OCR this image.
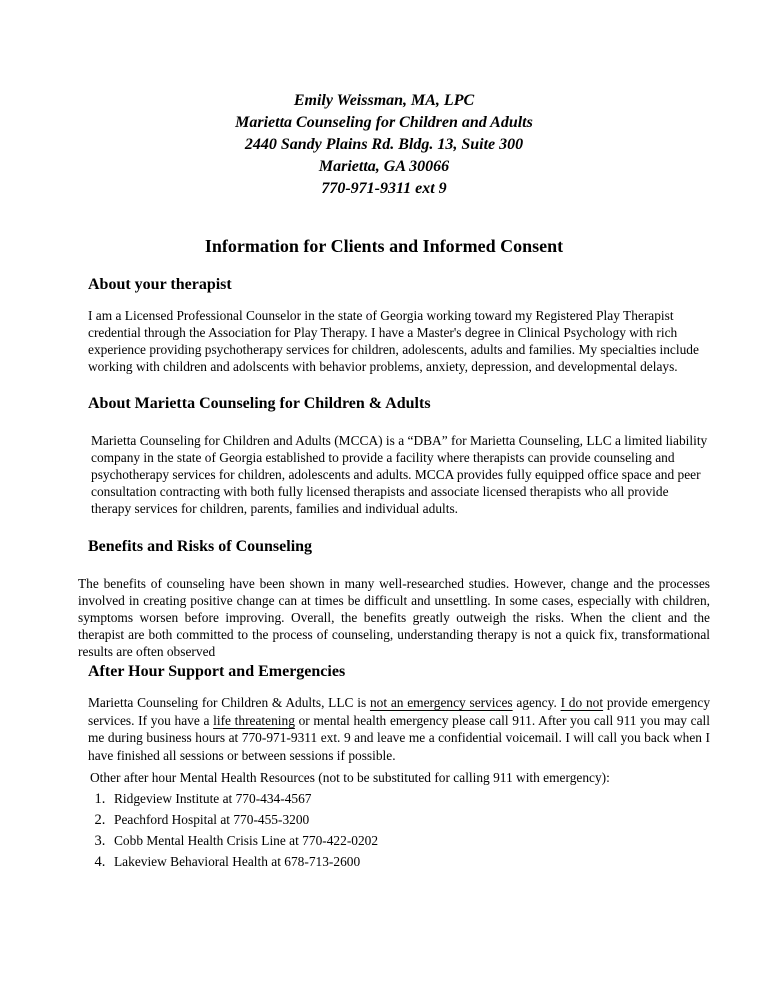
Emily Weissman, MA, LPC
Marietta Counseling for Children and Adults
2440 Sandy Plains Rd. Bldg. 13, Suite 300
Marietta, GA 30066
770-971-9311 ext 9
Information for Clients and Informed Consent
About your therapist

I am a Licensed Professional Counselor in the state of Georgia working toward my Registered Play Therapist credential through the Association for Play Therapy. I have a Master's degree in Clinical Psychology with rich experience providing psychotherapy services for children, adolescents, adults and families. My specialties include working with children and adolscents with behavior problems, anxiety, depression, and developmental delays.

About Marietta Counseling for Children & Adults

Marietta Counseling for Children and Adults (MCCA) is a “DBA” for Marietta Counseling, LLC a limited liability company in the state of Georgia established to provide a facility where therapists can provide counseling and psychotherapy services for children, adolescents and adults. MCCA provides fully equipped office space and peer consultation contracting with both fully licensed therapists and associate licensed therapists who all provide therapy services for children, parents, families and individual adults.

Benefits and Risks of Counseling

The benefits of counseling have been shown in many well-researched studies. However, change and the processes involved in creating positive change can at times be difficult and unsettling. In some cases, especially with children, symptoms worsen before improving. Overall, the benefits greatly outweigh the risks. When the client and the therapist are both committed to the process of counseling, understanding therapy is not a quick fix, transformational results are often observed

After Hour Support and Emergencies

Marietta Counseling for Children & Adults, LLC is not an emergency services agency. I do not provide emergency services. If you have a life threatening or mental health emergency please call 911. After you call 911 you may call me during business hours at 770-971-9311 ext. 9 and leave me a confidential voicemail. I will call you back when I have finished all sessions or between sessions if possible.

Other after hour Mental Health Resources (not to be substituted for calling 911 with emergency):

1. Ridgeview Institute at 770-434-4567
2. Peachford Hospital at 770-455-3200
3. Cobb Mental Health Crisis Line at 770-422-0202
4. Lakeview Behavioral Health at 678-713-2600
